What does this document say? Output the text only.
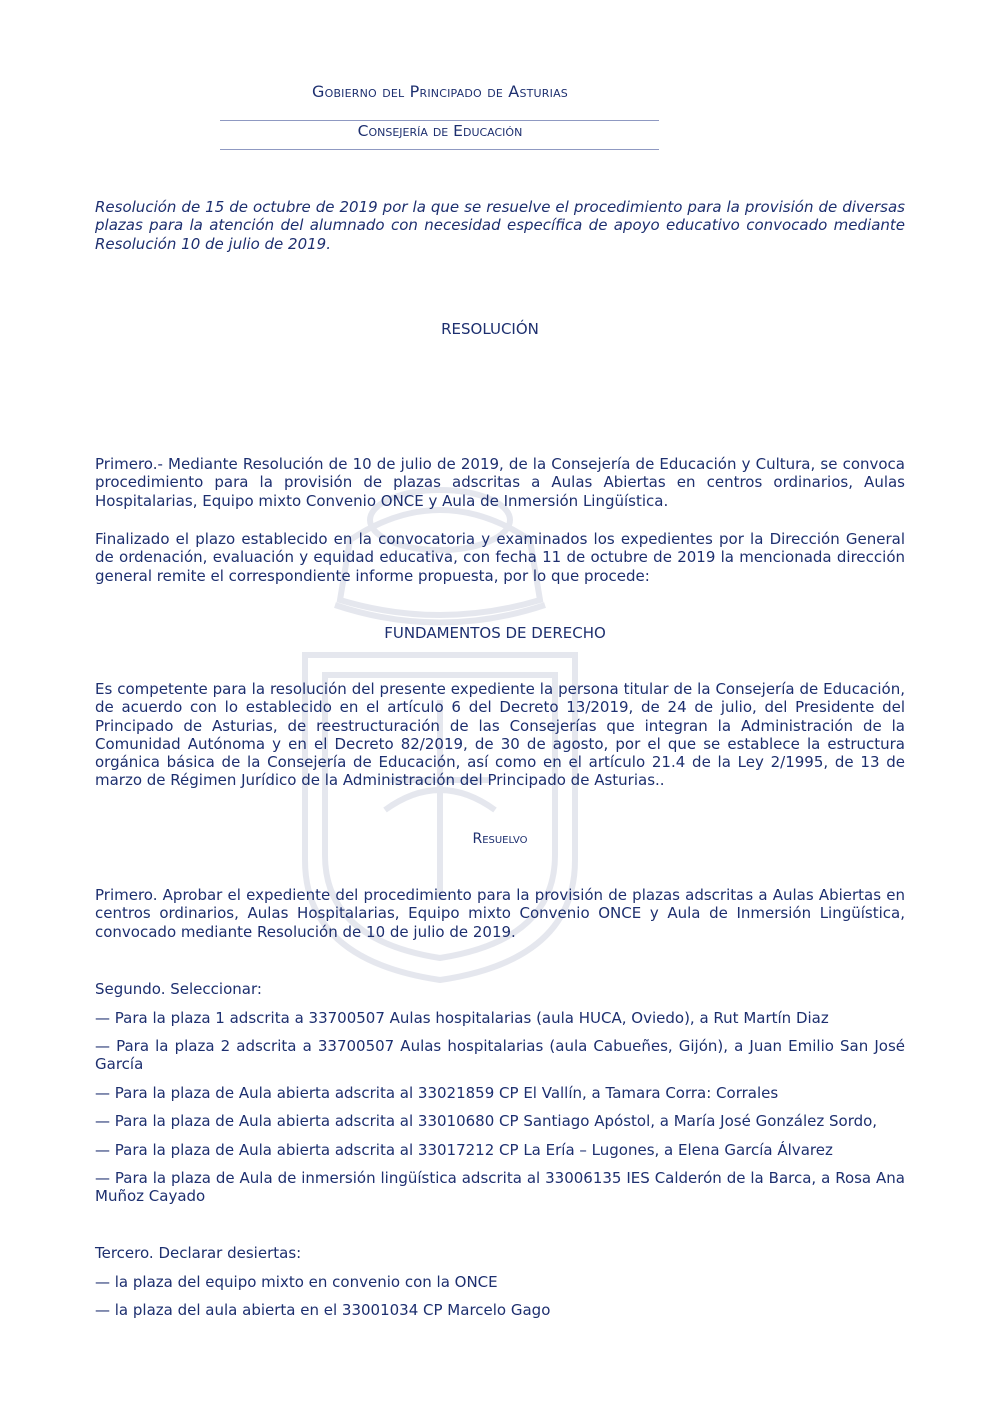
Gobierno del Principado de Asturias
Consejería de Educación
Resolución de 15 de octubre de 2019 por la que se resuelve el procedimiento para la provisión de diversas plazas para la atención del alumnado con necesidad específica de apoyo educativo convocado mediante Resolución 10 de julio de 2019.
RESOLUCIÓN
Primero.- Mediante Resolución de 10 de julio de 2019, de la Consejería de Educación y Cultura, se convoca procedimiento para la provisión de plazas adscritas a Aulas Abiertas en centros ordinarios, Aulas Hospitalarias, Equipo mixto Convenio ONCE y Aula de Inmersión Lingüística.
Finalizado el plazo establecido en la convocatoria y examinados los expedientes por la Dirección General de ordenación, evaluación y equidad educativa, con fecha 11 de octubre de 2019 la mencionada dirección general remite el correspondiente informe propuesta, por lo que procede:
FUNDAMENTOS DE DERECHO
Es competente para la resolución del presente expediente la persona titular de la Consejería de Educación, de acuerdo con lo establecido en el artículo 6 del Decreto 13/2019, de 24 de julio, del Presidente del Principado de Asturias, de reestructuración de las Consejerías que integran la Administración de la Comunidad Autónoma y en el Decreto 82/2019, de 30 de agosto, por el que se establece la estructura orgánica básica de la Consejería de Educación, así como en el artículo 21.4 de la Ley 2/1995, de 13 de marzo de Régimen Jurídico de la Administración del Principado de Asturias..
Resuelvo
Primero. Aprobar el expediente del procedimiento para la provisión de plazas adscritas a Aulas Abiertas en centros ordinarios, Aulas Hospitalarias, Equipo mixto Convenio ONCE y Aula de Inmersión Lingüística, convocado mediante Resolución de 10 de julio de 2019.
Segundo. Seleccionar:
— Para la plaza 1 adscrita a 33700507 Aulas hospitalarias (aula HUCA, Oviedo), a Rut Martín Diaz
— Para la plaza 2 adscrita a 33700507 Aulas hospitalarias (aula Cabueñes, Gijón), a Juan Emilio San José García
— Para la plaza de Aula abierta adscrita al 33021859 CP El Vallín, a Tamara Corra: Corrales
— Para la plaza de Aula abierta adscrita al 33010680 CP Santiago Apóstol, a María José González Sordo,
— Para la plaza de Aula abierta adscrita al 33017212 CP La Ería – Lugones, a Elena García Álvarez
— Para la plaza de Aula de inmersión lingüística adscrita al 33006135 IES Calderón de la Barca, a Rosa Ana Muñoz Cayado
Tercero. Declarar desiertas:
— la plaza del equipo mixto en convenio con la ONCE
— la plaza del aula abierta en el 33001034 CP Marcelo Gago
